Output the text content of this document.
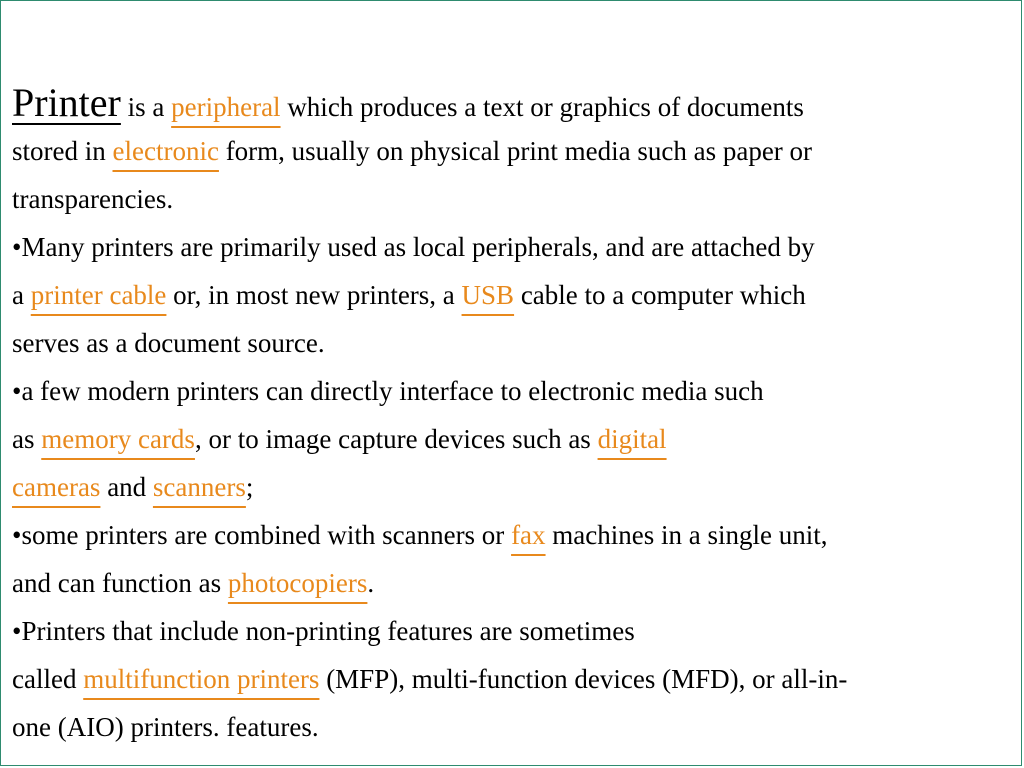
Printer is a peripheral which produces a text or graphics of documents
stored in electronic form, usually on physical print media such as paper or
transparencies.
•Many printers are primarily used as local peripherals, and are attached by
a printer cable or, in most new printers, a USB cable to a computer which
serves as a document source.
•a few modern printers can directly interface to electronic media such
as memory cards, or to image capture devices such as digital
cameras and scanners;
•some printers are combined with scanners or fax machines in a single unit,
and can function as photocopiers.
•Printers that include non-printing features are sometimes
called multifunction printers (MFP), multi-function devices (MFD), or all-in-
one (AIO) printers. features.
